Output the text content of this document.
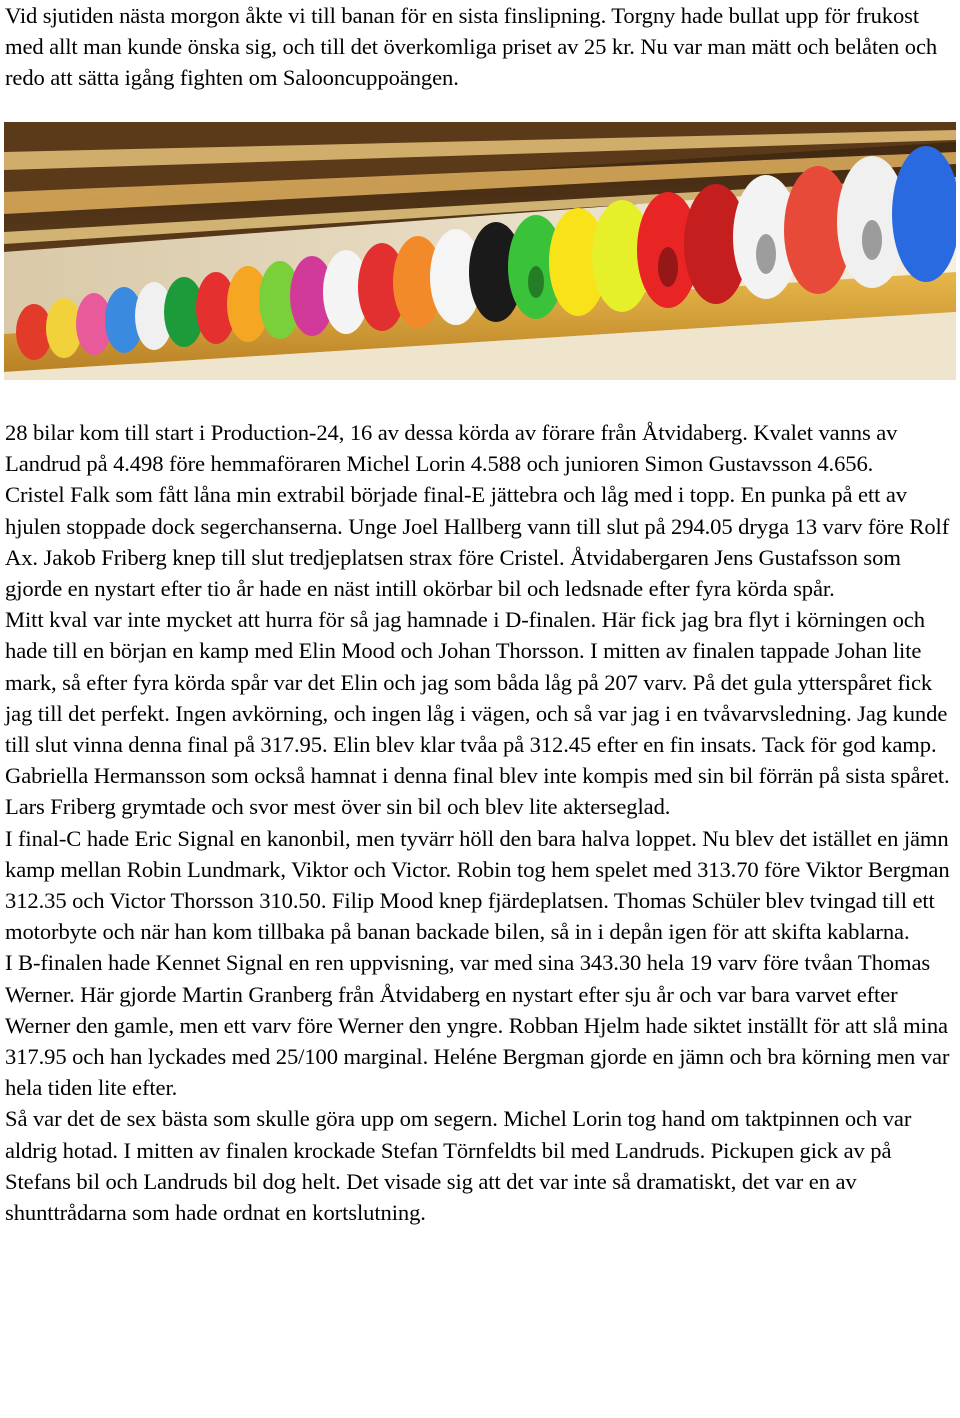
Vid sjutiden nästa morgon åkte vi till banan för en sista finslipning. Torgny hade bullat upp för frukost med allt man kunde önska sig, och till det överkomliga priset av 25 kr. Nu var man mätt och belåten och redo att sätta igång fighten om Salooncuppoängen.

28 bilar kom till start i Production-24, 16 av dessa körda av förare från Åtvidaberg. Kvalet vanns av Landrud på 4.498 före hemmaföraren Michel Lorin 4.588 och junioren Simon Gustavsson 4.656.

Cristel Falk som fått låna min extrabil började final-E jättebra och låg med i topp. En punka på ett av hjulen stoppade dock segerchanserna. Unge Joel Hallberg vann till slut på 294.05 dryga 13 varv före Rolf Ax. Jakob Friberg knep till slut tredjeplatsen strax före Cristel. Åtvidabergaren Jens Gustafsson som gjorde en nystart efter tio år hade en näst intill okörbar bil och ledsnade efter fyra körda spår.

Mitt kval var inte mycket att hurra för så jag hamnade i D-finalen. Här fick jag bra flyt i körningen och hade till en början en kamp med Elin Mood och Johan Thorsson. I mitten av finalen tappade Johan lite mark, så efter fyra körda spår var det Elin och jag som båda låg på 207 varv. På det gula ytterspåret fick jag till det perfekt. Ingen avkörning, och ingen låg i vägen, och så var jag i en tvåvarvsledning. Jag kunde till slut vinna denna final på 317.95. Elin blev klar tvåa på 312.45 efter en fin insats. Tack för god kamp. Gabriella Hermansson som också hamnat i denna final blev inte kompis med sin bil förrän på sista spåret. Lars Friberg grymtade och svor mest över sin bil och blev lite akterseglad.

I final-C hade Eric Signal en kanonbil, men tyvärr höll den bara halva loppet. Nu blev det istället en jämn kamp mellan Robin Lundmark, Viktor och Victor. Robin tog hem spelet med 313.70 före Viktor Bergman 312.35 och Victor Thorsson 310.50. Filip Mood knep fjärdeplatsen. Thomas Schüler blev tvingad till ett motorbyte och när han kom tillbaka på banan backade bilen, så in i depån igen för att skifta kablarna.

I B-finalen hade Kennet Signal en ren uppvisning, var med sina 343.30 hela 19 varv före tvåan Thomas Werner. Här gjorde Martin Granberg från Åtvidaberg en nystart efter sju år och var bara varvet efter Werner den gamle, men ett varv före Werner den yngre. Robban Hjelm hade siktet inställt för att slå mina 317.95 och han lyckades med 25/100 marginal. Heléne Bergman gjorde en jämn och bra körning men var hela tiden lite efter.

Så var det de sex bästa som skulle göra upp om segern. Michel Lorin tog hand om taktpinnen och var aldrig hotad. I mitten av finalen krockade Stefan Törnfeldts bil med Landruds. Pickupen gick av på Stefans bil och Landruds bil dog helt. Det visade sig att det var inte så dramatiskt, det var en av shunttrådarna som hade ordnat en kortslutning.
